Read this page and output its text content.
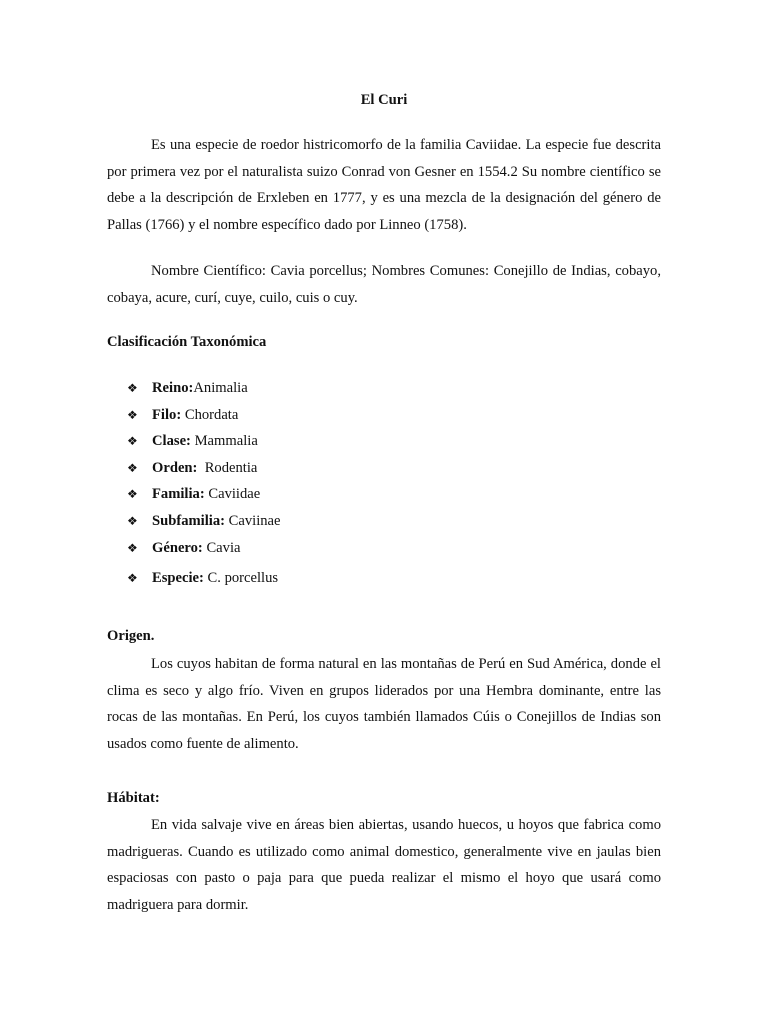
El Curi

Es una especie de roedor histricomorfo de la familia Caviidae. La especie fue descrita por primera vez por el naturalista suizo Conrad von Gesner en 1554.2 Su nombre científico se debe a la descripción de Erxleben en 1777, y es una mezcla de la designación del género de Pallas (1766) y el nombre específico dado por Linneo (1758).

Nombre Científico: Cavia porcellus; Nombres Comunes: Conejillo de Indias, cobayo, cobaya, acure, curí, cuye, cuilo, cuis o cuy.

Clasificación Taxonómica
❖ Reino:Animalia
❖ Filo: Chordata
❖ Clase: Mammalia
❖ Orden:  Rodentia
❖ Familia: Caviidae
❖ Subfamilia: Caviinae
❖ Género: Cavia
❖ Especie: C. porcellus
Origen.

Los cuyos habitan de forma natural en las montañas de Perú en Sud América, donde el clima es seco y algo frío. Viven en grupos liderados por una Hembra dominante, entre las rocas de las montañas. En Perú, los cuyos también llamados Cúis o Conejillos de Indias son usados como fuente de alimento.

Hábitat:

En vida salvaje vive en áreas bien abiertas, usando huecos, u hoyos que fabrica como madrigueras. Cuando es utilizado como animal domestico, generalmente vive en jaulas bien espaciosas con pasto o paja para que pueda realizar el mismo el hoyo que usará como madriguera para dormir.
